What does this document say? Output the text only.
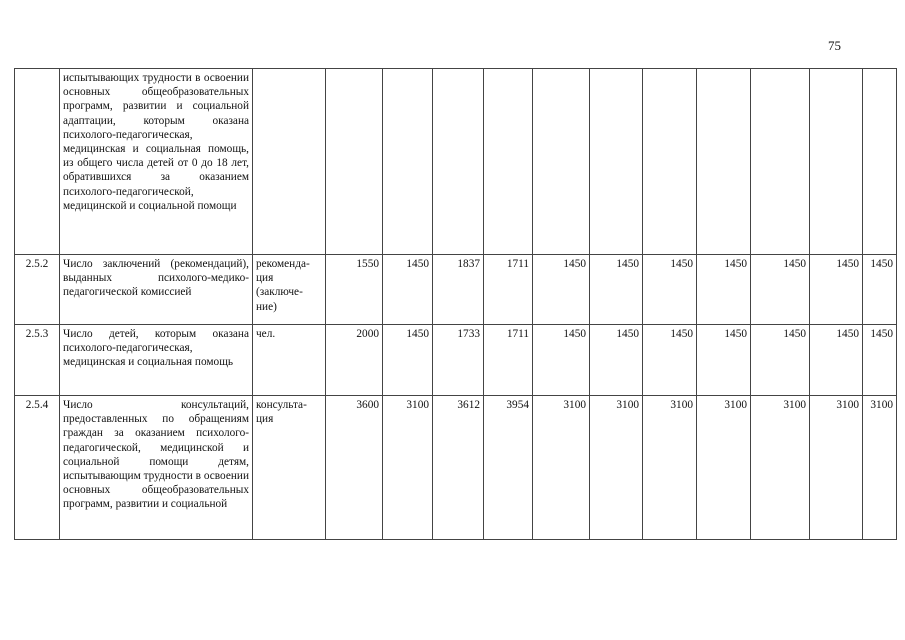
75
	испытывающих трудности в освоении основных общеобразовательных программ, развитии и социальной адаптации, которым оказана психолого-педагогическая, медицинская и социальная помощь, из общего числа детей от 0 до 18 лет, обратившихся за оказанием психолого-педагогической, медицинской и социальной помощи												
2.5.2	Число заключений (рекомендаций), выданных психолого-медико-педагогической комиссией	рекоменда-ция (заключе-ние)	1550	1450	1837	1711	1450	1450	1450	1450	1450	1450	1450
2.5.3	Число детей, которым оказана психолого-педагогическая, медицинская и социальная помощь	чел.	2000	1450	1733	1711	1450	1450	1450	1450	1450	1450	1450
2.5.4	Число консультаций, предоставленных по обращениям граждан за оказанием психолого-педагогической, медицинской и социальной помощи детям, испытывающим трудности в освоении основных общеобразовательных программ, развитии и социальной	консульта-ция	3600	3100	3612	3954	3100	3100	3100	3100	3100	3100	3100
